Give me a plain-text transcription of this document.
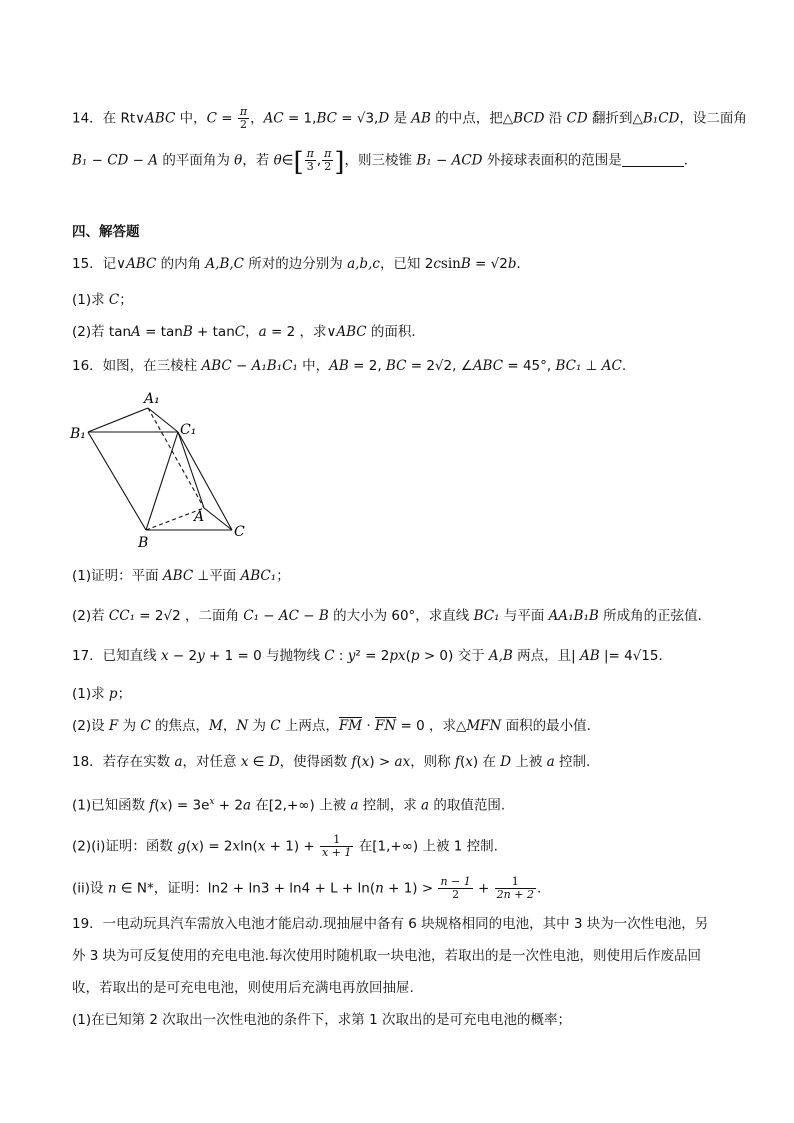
14．在 Rt∨ABC 中，$C = \frac{\pi}{2}$ ，AC = 1,BC = √3,D 是 AB 的中点，把△BCD 沿 CD 翻折到△B₁CD，设二面角
B₁ − CD − A 的平面角为 θ，若 θ∈[ $\frac{\pi}{3}$ , $\frac{\pi}{2}$ ]，则三棱锥 B₁ − ACD 外接球表面积的范围是	．
四、解答题
15．记∨ABC 的内角 A,B,C 所对的边分别为 a,b,c，已知 2csinB = √2b．
(1)求 C；
(2)若 tanA = tanB + tanC，a = 2 ，求∨ABC 的面积．
16．如图，在三棱柱 ABC − A₁B₁C₁ 中，AB = 2, BC = 2√2, ∠ABC = 45°, BC₁ ⊥ AC.
A₁
B₁	C₁
A
B
C
(1)证明：平面 ABC ⊥平面 ABC₁；
(2)若 CC₁ = 2√2 ，二面角 C₁ − AC − B 的大小为 60°，求直线 BC₁ 与平面 AA₁B₁B 所成角的正弦值．
17．已知直线 x − 2y + 1 = 0 与抛物线 C : y² = 2px(p > 0) 交于 A,B 两点，且| AB |= 4√15．
(1)求 p；
(2)设 F 为 C 的焦点，M，N 为 C 上两点，$\overline{FM} \cdot \overline{FN} = 0$ ，求△MFN 面积的最小值．
18．若存在实数 a，对任意 x ∈ D，使得函数 f(x) > ax，则称 f(x) 在 D 上被 a 控制.
(1)已知函数 $f(x) = 3e^x + 2a$ 在[2,+∞) 上被 a 控制，求 a 的取值范围.
(2)(i)证明：函数 $g(x) = 2xln(x + 1) + \frac{1}{x + 1}$ 在[1,+∞) 上被 1 控制.
(ii)设 n ∈ N*，证明：$\ln 2 + \ln 3 + \ln 4 + L + \ln(n + 1) > \frac{n - 1}{2} + \frac{1}{2n + 2}$ .
19．一电动玩具汽车需放入电池才能启动.现抽屉中备有 6 块规格相同的电池，其中 3 块为一次性电池，另
外 3 块为可反复使用的充电电池.每次使用时随机取一块电池，若取出的是一次性电池，则使用后作废品回
收，若取出的是可充电电池，则使用后充满电再放回抽屉.
(1)在已知第 2 次取出一次性电池的条件下，求第 1 次取出的是可充电电池的概率；
